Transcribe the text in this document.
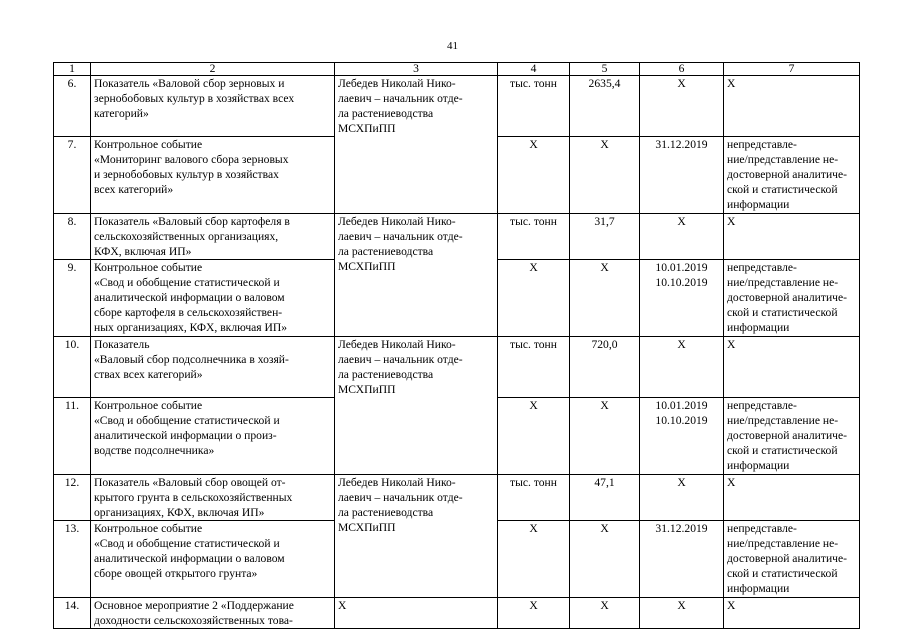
41
1	2	3	4	5	6	7
6.	Показатель «Валовой сбор зерновых и
зернобобовых культур в хозяйствах всех
категорий»	Лебедев Николай Нико-
лаевич – начальник отде-
ла растениеводства
МСХПиПП	тыс. тонн	2635,4	Х	Х
7.	Контрольное событие
«Мониторинг валового сбора зерновых
и зернобобовых культур в хозяйствах
всех категорий»		Х	Х	31.12.2019	непредставле-
ние/представление не-
достоверной аналитиче-
ской и статистической
информации
8.	Показатель «Валовый сбор картофеля в
сельскохозяйственных организациях,
КФХ, включая ИП»	Лебедев Николай Нико-
лаевич – начальник отде-
ла растениеводства
МСХПиПП	тыс. тонн	31,7	Х	Х
9.	Контрольное событие
«Свод и обобщение статистической и
аналитической информации о валовом
сборе картофеля в сельскохозяйствен-
ных организациях, КФХ, включая ИП»		Х	Х	10.01.2019
10.10.2019	непредставле-
ние/представление не-
достоверной аналитиче-
ской и статистической
информации
10.	Показатель
«Валовый сбор подсолнечника в хозяй-
ствах всех категорий»	Лебедев Николай Нико-
лаевич – начальник отде-
ла растениеводства
МСХПиПП	тыс. тонн	720,0	Х	Х
11.	Контрольное событие
«Свод и обобщение статистической и
аналитической информации о произ-
водстве подсолнечника»		Х	Х	10.01.2019
10.10.2019	непредставле-
ние/представление не-
достоверной аналитиче-
ской и статистической
информации
12.	Показатель «Валовый сбор овощей от-
крытого грунта в сельскохозяйственных
организациях, КФХ, включая ИП»	Лебедев Николай Нико-
лаевич – начальник отде-
ла растениеводства
МСХПиПП	тыс. тонн	47,1	Х	Х
13.	Контрольное событие
«Свод и обобщение статистической и
аналитической информации о валовом
сборе овощей открытого грунта»		Х	Х	31.12.2019	непредставле-
ние/представление не-
достоверной аналитиче-
ской и статистической
информации
14.	Основное мероприятие 2 «Поддержание
доходности сельскохозяйственных това-	Х	Х	Х	Х	Х
